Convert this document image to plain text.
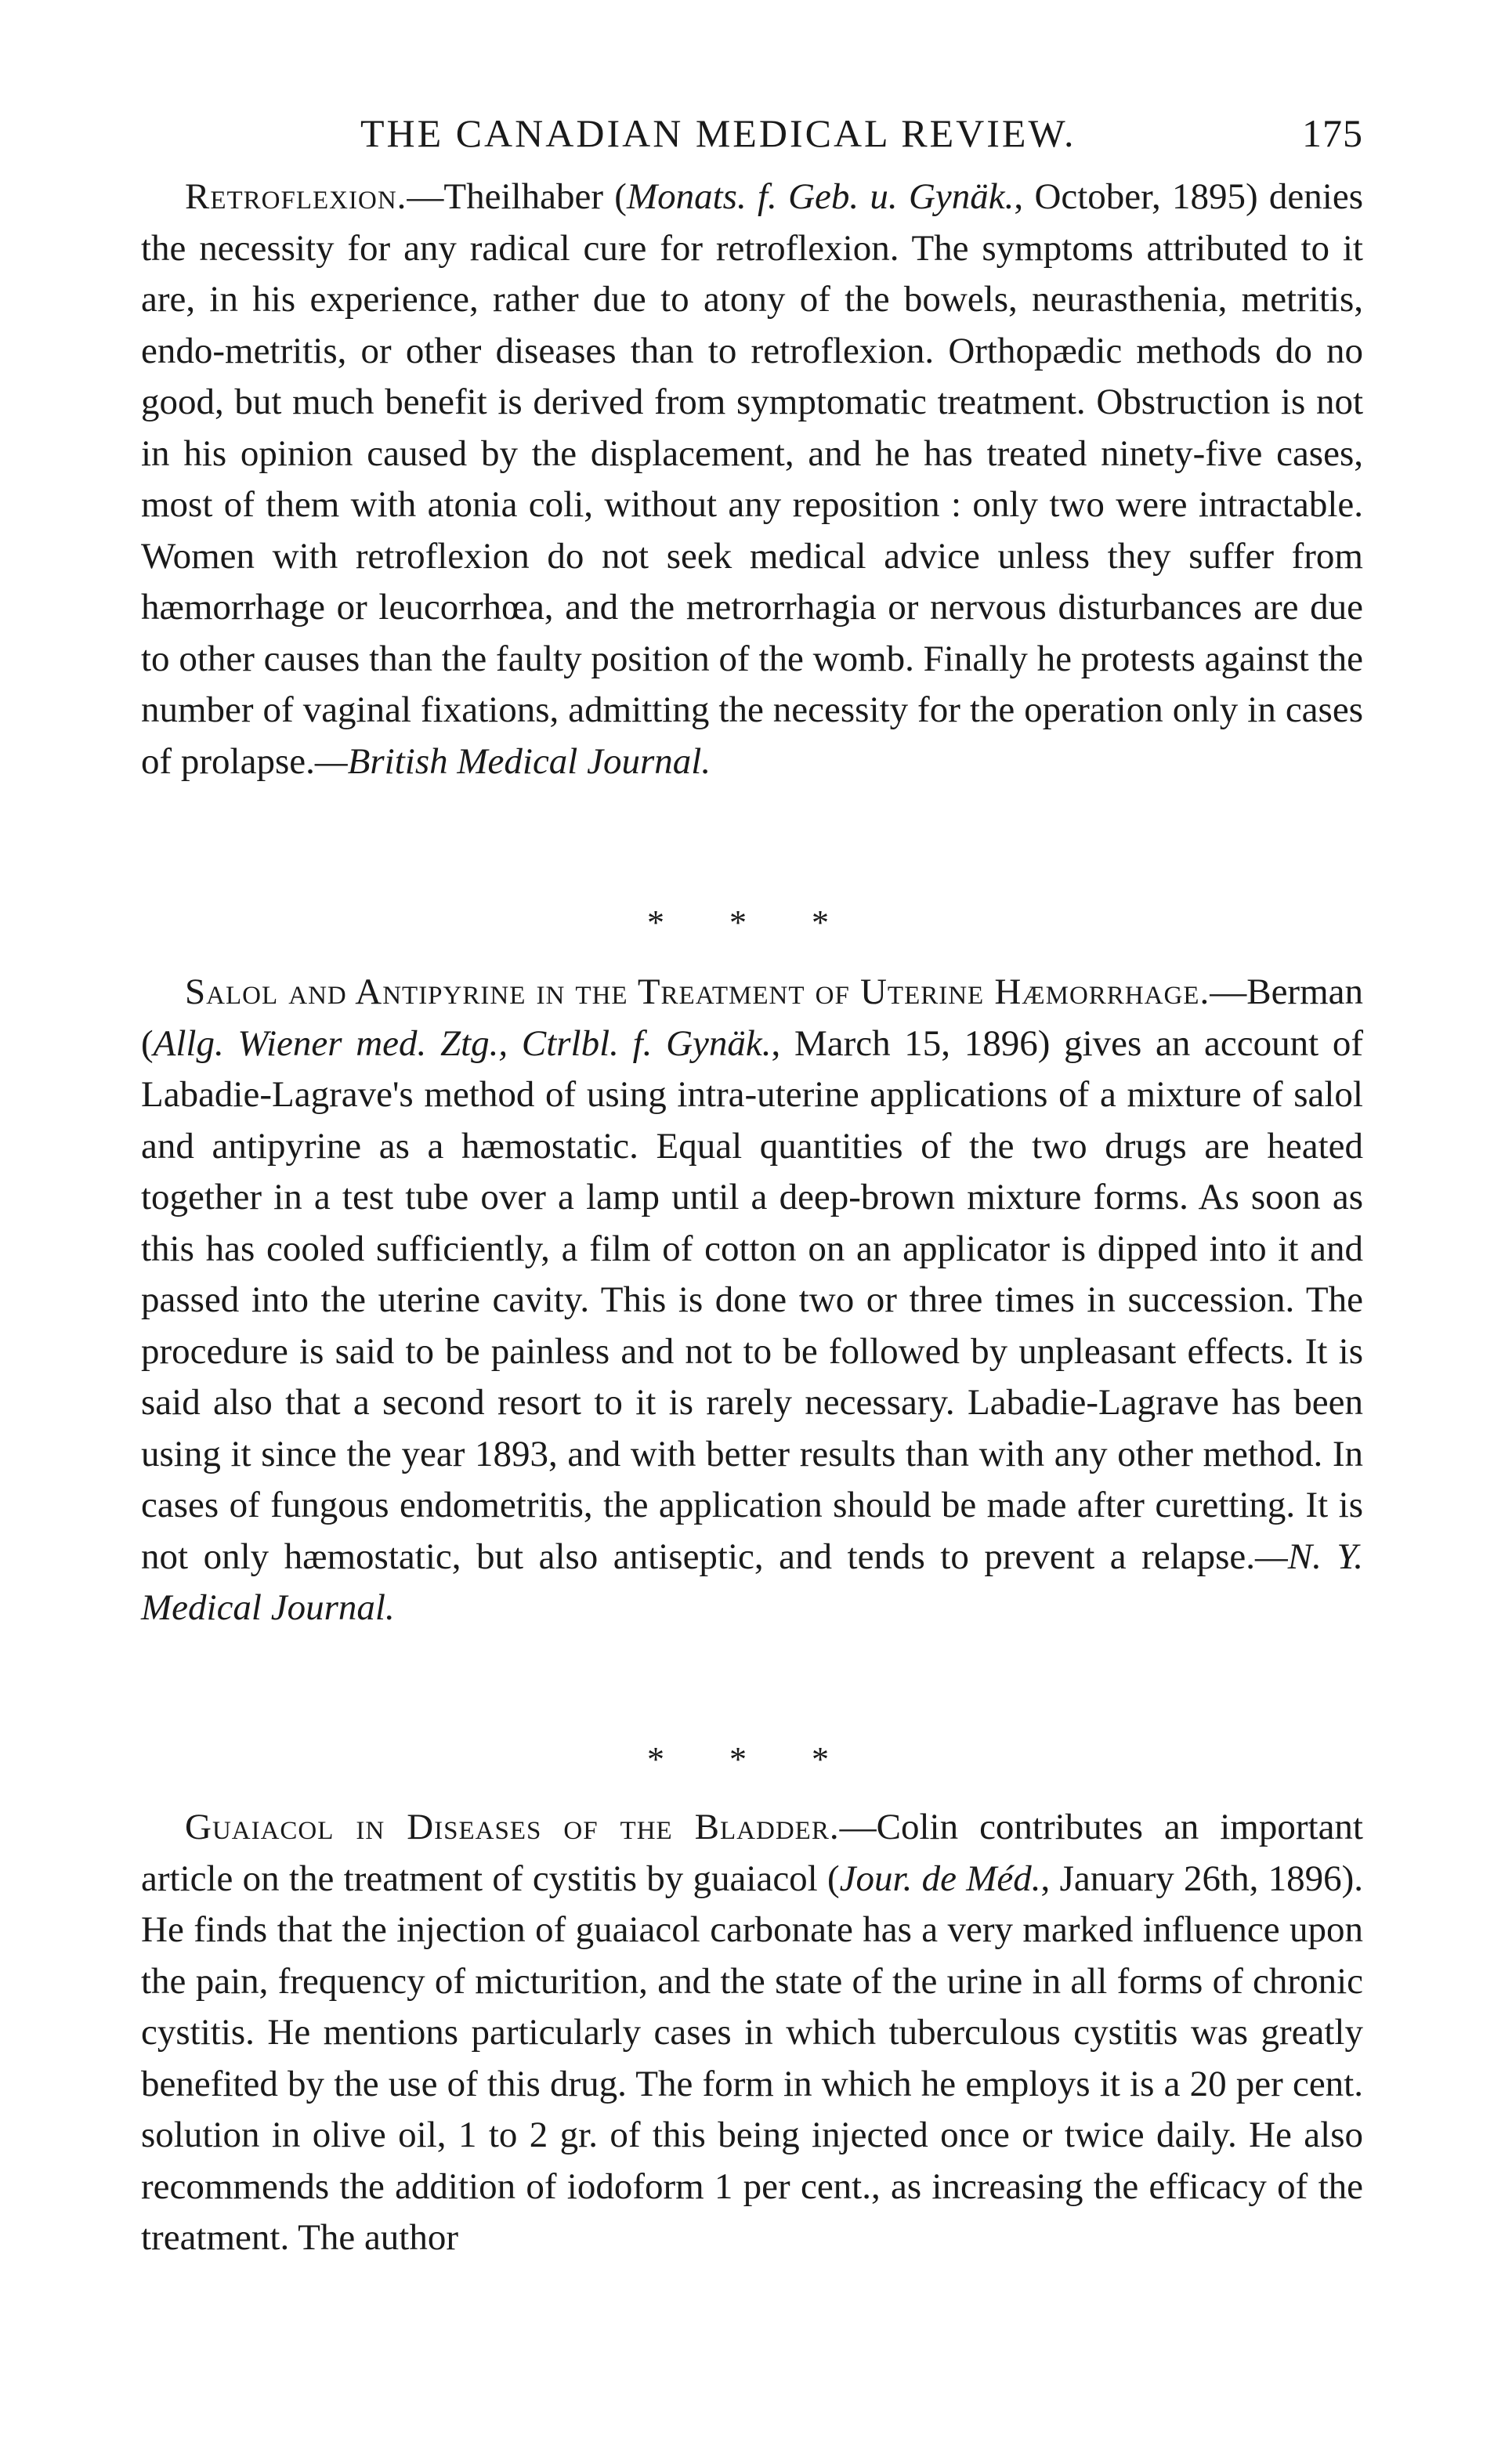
THE CANADIAN MEDICAL REVIEW.	175

Retroflexion.—Theilhaber (Monats. f. Geb. u. Gynäk., October, 1895) denies the necessity for any radical cure for retroflexion. The symptoms attributed to it are, in his experience, rather due to atony of the bowels, neurasthenia, metritis, endo-metritis, or other diseases than to retroflexion. Orthopædic methods do no good, but much benefit is derived from symptomatic treatment. Obstruction is not in his opinion caused by the displacement, and he has treated ninety-five cases, most of them with atonia coli, without any reposition : only two were intractable. Women with retroflexion do not seek medical advice unless they suffer from hæmorrhage or leucorrhœa, and the metrorrhagia or nervous disturbances are due to other causes than the faulty position of the womb. Finally he protests against the number of vaginal fixations, admitting the necessity for the operation only in cases of prolapse.—British Medical Journal.

* * *

Salol and Antipyrine in the Treatment of Uterine Hæmorrhage.—Berman (Allg. Wiener med. Ztg., Ctrlbl. f. Gynäk., March 15, 1896) gives an account of Labadie-Lagrave's method of using intra-uterine applications of a mixture of salol and antipyrine as a hæmostatic. Equal quantities of the two drugs are heated together in a test tube over a lamp until a deep-brown mixture forms. As soon as this has cooled sufficiently, a film of cotton on an applicator is dipped into it and passed into the uterine cavity. This is done two or three times in succession. The procedure is said to be painless and not to be followed by unpleasant effects. It is said also that a second resort to it is rarely necessary. Labadie-Lagrave has been using it since the year 1893, and with better results than with any other method. In cases of fungous endometritis, the application should be made after curetting. It is not only hæmostatic, but also antiseptic, and tends to prevent a relapse.—N. Y. Medical Journal.

* * *

Guaiacol in Diseases of the Bladder.—Colin contributes an important article on the treatment of cystitis by guaiacol (Jour. de Méd., January 26th, 1896). He finds that the injection of guaiacol carbonate has a very marked influence upon the pain, frequency of micturition, and the state of the urine in all forms of chronic cystitis. He mentions particularly cases in which tuberculous cystitis was greatly benefited by the use of this drug. The form in which he employs it is a 20 per cent. solution in olive oil, 1 to 2 gr. of this being injected once or twice daily. He also recommends the addition of iodoform 1 per cent., as increasing the efficacy of the treatment. The author
